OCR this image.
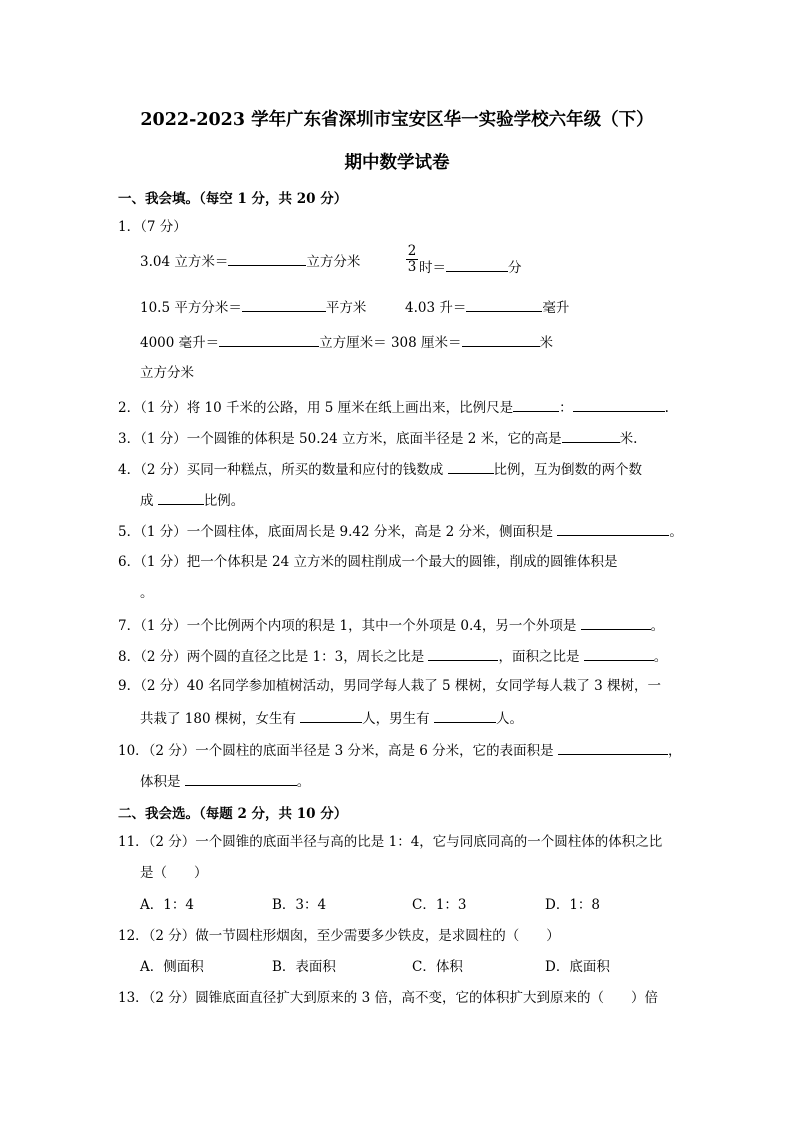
2022-2023 学年广东省深圳市宝安区华一实验学校六年级（下）
期中数学试卷
一、我会填。（每空 1 分，共 20 分）
1．（7 分）
3.04 立方米＝	立方分米	$\frac{2}{3}$ 时＝	分
10.5 平方分米＝	平方米	4.03 升＝	毫升
4000 毫升＝	立方厘米＝ 308 厘米＝	米
立方分米
2．（1 分）将 10 千米的公路，用 5 厘米在纸上画出来，比例尺是	：	.
3．（1 分）一个圆锥的体积是 50.24 立方米，底面半径是 2 米，它的高是	米.
4．（2 分）买同一种糕点，所买的数量和应付的钱数成	比例，互为倒数的两个数
成	比例。
5．（1 分）一个圆柱体，底面周长是 9.42 分米，高是 2 分米，侧面积是	。
6．（1 分）把一个体积是 24 立方米的圆柱削成一个最大的圆锥，削成的圆锥体积是
。
7．（1 分）一个比例两个内项的积是 1，其中一个外项是 0.4，另一个外项是	。
8．（2 分）两个圆的直径之比是 1：3，周长之比是	，面积之比是	。
9．（2 分）40 名同学参加植树活动，男同学每人栽了 5 棵树，女同学每人栽了 3 棵树，一
共栽了 180 棵树，女生有	人，男生有	人。
10．（2 分）一个圆柱的底面半径是 3 分米，高是 6 分米，它的表面积是	，
体积是	。
二、我会选。（每题 2 分，共 10 分）
11．（2 分）一个圆锥的底面半径与高的比是 1：4，它与同底同高的一个圆柱体的体积之比
是（　　）
A．1：4	B．3：4	C．1：3	D．1：8
12．（2 分）做一节圆柱形烟囱，至少需要多少铁皮，是求圆柱的（　　）
A．侧面积	B．表面积	C．体积	D．底面积
13．（2 分）圆锥底面直径扩大到原来的 3 倍，高不变，它的体积扩大到原来的（　　）倍
